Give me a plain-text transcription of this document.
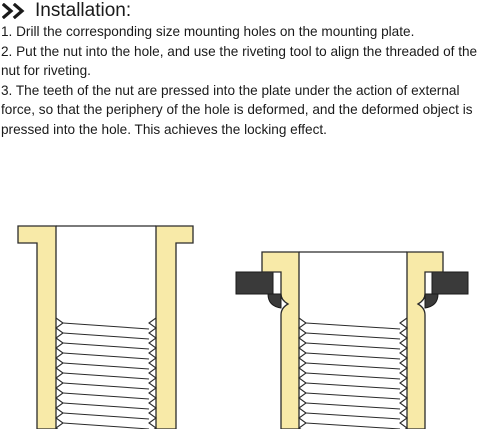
Installation:

1. Drill the corresponding size mounting holes on the mounting plate.

2. Put the nut into the hole, and use the riveting tool to align the threaded of the nut for riveting.

3. The teeth of the nut are pressed into the plate under the action of external force, so that the periphery of the hole is deformed, and the deformed object is pressed into the hole. This achieves the locking effect.
